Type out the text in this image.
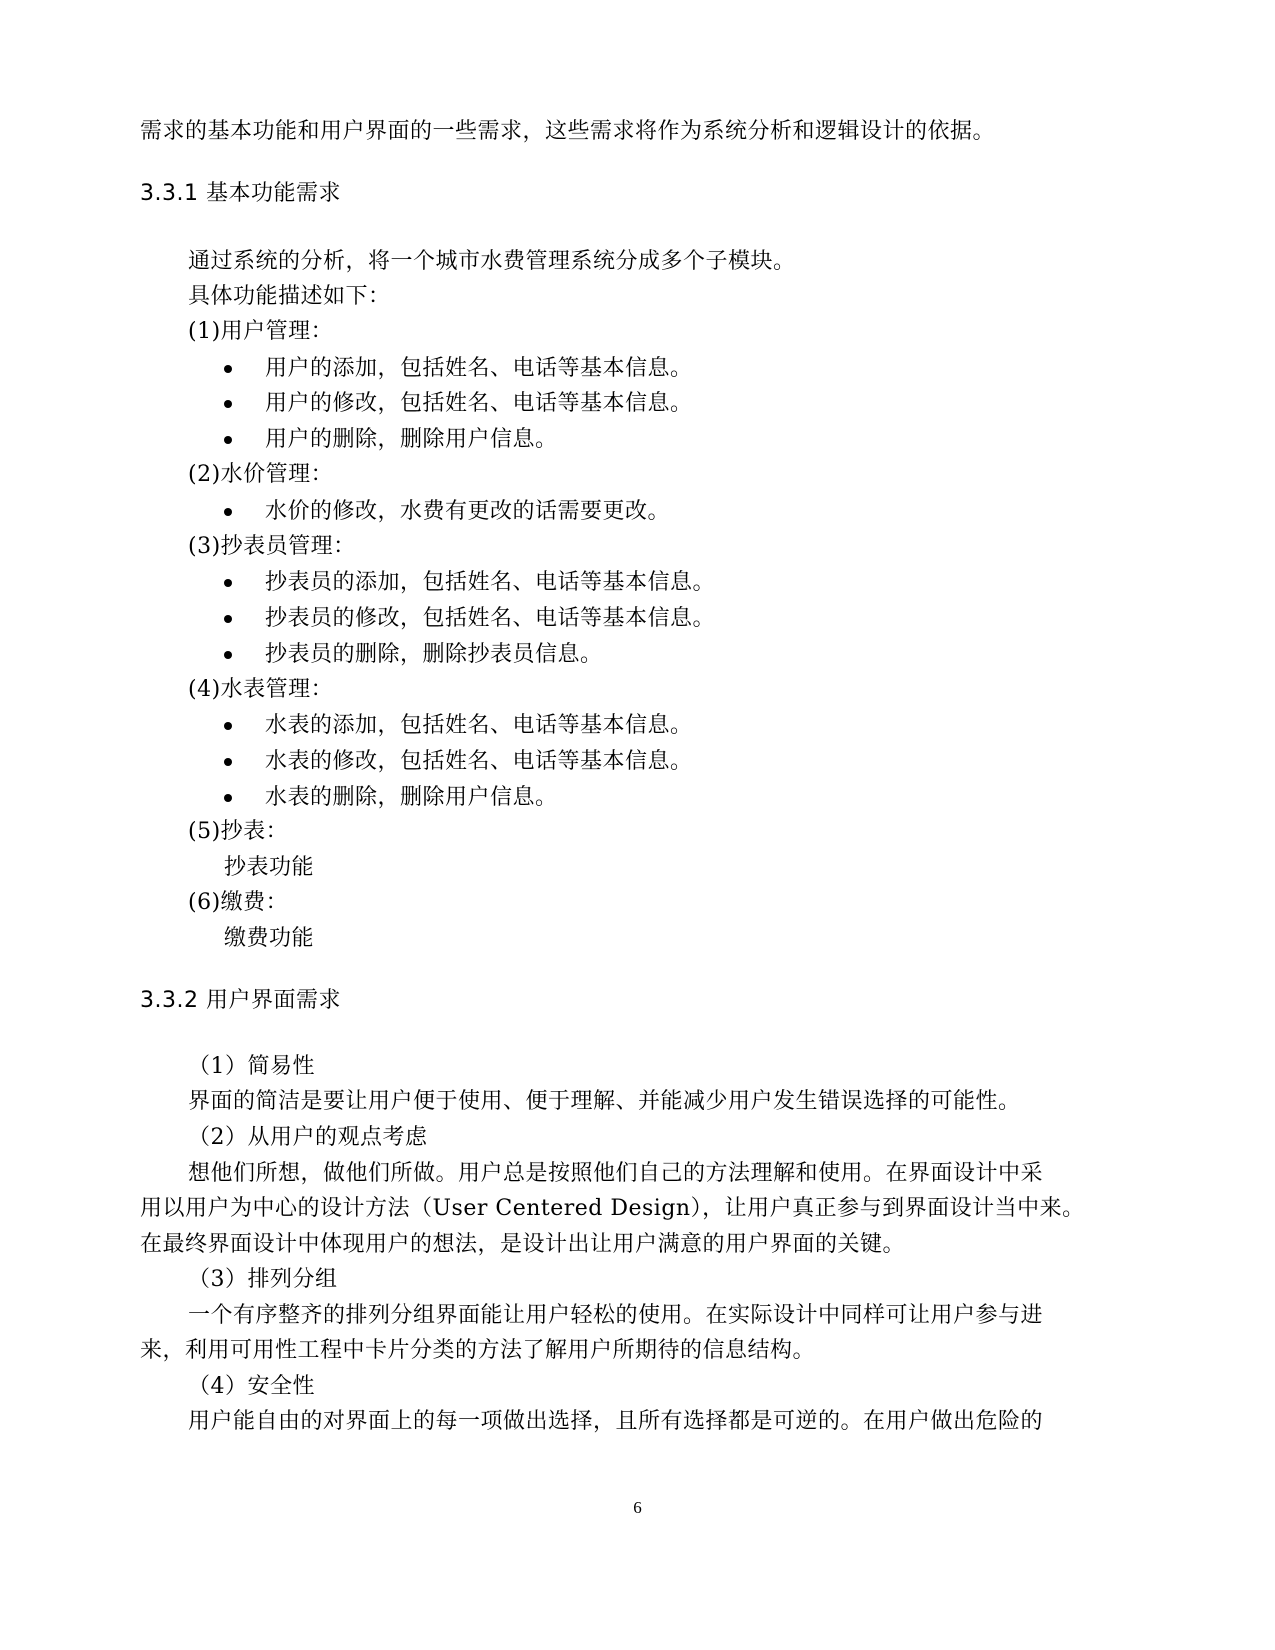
需求的基本功能和用户界面的一些需求，这些需求将作为系统分析和逻辑设计的依据。
3.3.1 基本功能需求
通过系统的分析，将一个城市水费管理系统分成多个子模块。
具体功能描述如下：
(1)用户管理：
用户的添加，包括姓名、电话等基本信息。
用户的修改，包括姓名、电话等基本信息。
用户的删除，删除用户信息。
(2)水价管理：
水价的修改，水费有更改的话需要更改。
(3)抄表员管理：
抄表员的添加，包括姓名、电话等基本信息。
抄表员的修改，包括姓名、电话等基本信息。
抄表员的删除，删除抄表员信息。
(4)水表管理：
水表的添加，包括姓名、电话等基本信息。
水表的修改，包括姓名、电话等基本信息。
水表的删除，删除用户信息。
(5)抄表：
抄表功能
(6)缴费：
缴费功能
3.3.2 用户界面需求
（1）简易性
界面的简洁是要让用户便于使用、便于理解、并能减少用户发生错误选择的可能性。
（2）从用户的观点考虑
想他们所想，做他们所做。用户总是按照他们自己的方法理解和使用。在界面设计中采
用以用户为中心的设计方法（User Centered Design），让用户真正参与到界面设计当中来。
在最终界面设计中体现用户的想法，是设计出让用户满意的用户界面的关键。
（3）排列分组
一个有序整齐的排列分组界面能让用户轻松的使用。在实际设计中同样可让用户参与进
来，利用可用性工程中卡片分类的方法了解用户所期待的信息结构。
（4）安全性
用户能自由的对界面上的每一项做出选择，且所有选择都是可逆的。在用户做出危险的
6
